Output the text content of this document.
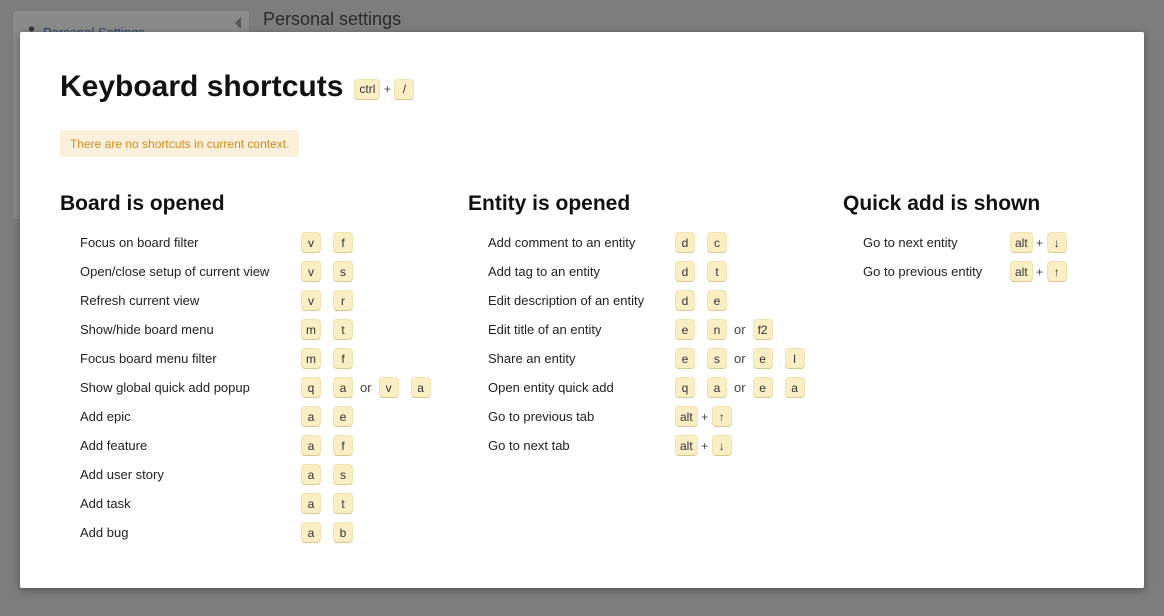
Personal settings
Keyboard shortcuts	ctrl + /
There are no shortcuts in current context.
Board is opened
Focus on board filter	v	f
Open/close setup of current view	v	s
Refresh current view	v	r
Show/hide board menu	m	t
Focus board menu filter	m	f
Show global quick add popup	q	a	or	v	a
Add epic	a	e
Add feature	a	f
Add user story	a	s
Add task	a	t
Add bug	a	b
Entity is opened
Add comment to an entity	d	c
Add tag to an entity	d	t
Edit description of an entity	d	e
Edit title of an entity	e	n	or	f2
Share an entity	e	s	or	e	l
Open entity quick add	q	a	or	e	a
Go to previous tab	alt + ↑
Go to next tab	alt + ↓
Quick add is shown
Go to next entity	alt + ↓
Go to previous entity	alt + ↑
